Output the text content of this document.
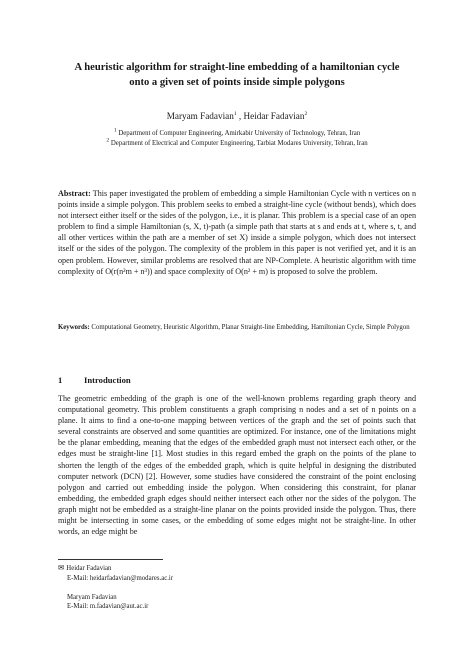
A heuristic algorithm for straight-line embedding of a hamiltonian cycle
onto a given set of points inside simple polygons
Maryam Fadavian$^1$ , Heidar Fadavian$^2$
$^1$ Department of Computer Engineering, Amirkabir University of Technology, Tehran, Iran
$^2$ Department of Electrical and Computer Engineering, Tarbiat Modares University, Tehran, Iran
Abstract: This paper investigated the problem of embedding a simple Hamiltonian Cycle with n vertices on n points inside a simple polygon. This problem seeks to embed a straight-line cycle (without bends), which does not intersect either itself or the sides of the polygon, i.e., it is planar. This problem is a special case of an open problem to find a simple Hamiltonian (s, X, t)-path (a simple path that starts at s and ends at t, where s, t, and all other vertices within the path are a member of set X) inside a simple polygon, which does not intersect itself or the sides of the polygon. The complexity of the problem in this paper is not verified yet, and it is an open problem. However, similar problems are resolved that are NP-Complete. A heuristic algorithm with time complexity of O(r(n²m + n³)) and space complexity of O(n² + m) is proposed to solve the problem.
Keywords: Computational Geometry, Heuristic Algorithm, Planar Straight-line Embedding, Hamiltonian Cycle, Simple Polygon
1	Introduction
The geometric embedding of the graph is one of the well-known problems regarding graph theory and computational geometry. This problem constituents a graph comprising n nodes and a set of n points on a plane. It aims to find a one-to-one mapping between vertices of the graph and the set of points such that several constraints are observed and some quantities are optimized. For instance, one of the limitations might be the planar embedding, meaning that the edges of the embedded graph must not intersect each other, or the edges must be straight-line [1]. Most studies in this regard embed the graph on the points of the plane to shorten the length of the edges of the embedded graph, which is quite helpful in designing the distributed computer network (DCN) [2]. However, some studies have considered the constraint of the point enclosing polygon and carried out embedding inside the polygon. When considering this constraint, for planar embedding, the embedded graph edges should neither intersect each other nor the sides of the polygon. The graph might not be embedded as a straight-line planar on the points provided inside the polygon. Thus, there might be intersecting in some cases, or the embedding of some edges might not be straight-line. In other words, an edge might be
✉ Heidar Fadavian
E-Mail: heidarfadavian@modares.ac.ir
Maryam Fadavian
E-Mail: m.fadavian@aut.ac.ir
